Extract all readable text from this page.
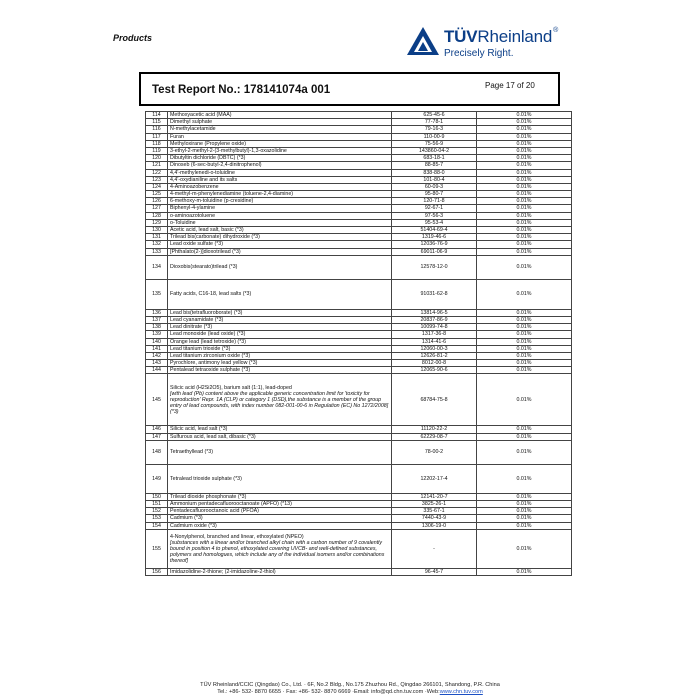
Products	TÜVRheinland®
Precisely Right.
Test Report No.: 178141074a 001	Page 17 of 20
114	Methoxyacetic acid (MAA)	625-45-6	0.01%
115	Dimethyl sulphate	77-78-1	0.01%
116	N-methylacetamide	79-16-3	0.01%
117	Furan	110-00-9	0.01%
118	Methyloxirane (Propylene oxide)	75-56-9	0.01%
119	3-ethyl-2-methyl-2-(3-methylbutyl)-1,3-oxazolidine	143860-04-2	0.01%
120	Dibutyltin dichloride (DBTC) (*3)	683-18-1	0.01%
121	Dinoseb (6-sec-butyl-2,4-dinitrophenol)	88-85-7	0.01%
122	4,4'-methylenedi-o-toluidine	838-88-0	0.01%
123	4,4'-oxydianiline and its salts	101-80-4	0.01%
124	4-Aminoazobenzene	60-09-3	0.01%
125	4-methyl-m-phenylenediamine (toluene-2,4-diamine)	95-80-7	0.01%
126	6-methoxy-m-toluidine (p-cresidine)	120-71-8	0.01%
127	Biphenyl-4-ylamine	92-67-1	0.01%
128	o-aminoazotoluene	97-56-3	0.01%
129	o-Toluidine	95-53-4	0.01%
130	Acetic acid, lead salt, basic (*3)	51404-69-4	0.01%
131	Trilead bis(carbonate) dihydroxide (*3)	1319-46-6	0.01%
132	Lead oxide sulfate (*3)	12036-76-9	0.01%
133	[Phthalato(2-)]dioxotrilead (*3)	69011-06-9	0.01%
134	Dioxobis(stearato)trilead (*3)	12578-12-0	0.01%
135	Fatty acids, C16-18, lead salts (*3)	91031-62-8	0.01%
136	Lead bis(tetrafluoroborate) (*3)	13814-96-5	0.01%
137	Lead cyanamidate (*3)	20837-86-9	0.01%
138	Lead dinitrate (*3)	10099-74-8	0.01%
139	Lead monoxide (lead oxide) (*3)	1317-36-8	0.01%
140	Orange lead (lead tetroxide) (*3)	1314-41-6	0.01%
141	Lead titanium trioxide (*3)	12060-00-3	0.01%
142	Lead titanium zirconium oxide (*3)	12626-81-2	0.01%
143	Pyrochlore, antimony lead yellow (*3)	8012-00-8	0.01%
144	Pentalead tetraoxide sulphate (*3)	12065-90-6	0.01%
145	Silicic acid (H2Si2O5), barium salt (1:1), lead-doped
[with lead (Pb) content above the applicable generic concentration limit for 'toxicity for reproduction' Repr. 1A (CLP) or category 1 (DSD),the substance is a member of the group entry of lead compounds, with index number 082-001-00-6 in Regulation (EC) No 1272/2008] (*3)	68784-75-8	0.01%
146	Silicic acid, lead salt (*3)	11120-22-2	0.01%
147	Sulfurous acid, lead salt, dibasic (*3)	62229-08-7	0.01%
148	Tetraethyllead (*3)	78-00-2	0.01%
149	Tetralead trioxide sulphate (*3)	12202-17-4	0.01%
150	Trilead dioxide phosphonate (*3)	12141-20-7	0.01%
151	Ammonium pentadecafluorooctanoate (APFO) (*13)	3825-26-1	0.01%
152	Pentadecafluorooctanoic acid (PFOA)	335-67-1	0.01%
153	Cadmium (*3)	7440-43-9	0.01%
154	Cadmium oxide (*3)	1306-19-0	0.01%
155	4-Nonylphenol, branched and linear, ethoxylated (NPEO)
[substances with a linear and/or branched alkyl chain with a carbon number of 9 covalently bound in position 4 to phenol, ethoxylated covering UVCB- and well-defined substances, polymers and homologues, which include any of the individual isomers and/or combinations thereof]	-	0.01%
156	Imidazolidine-2-thione; (2-imidazoline-2-thiol)	96-45-7	0.01%
TÜV Rheinland/CCIC (Qingdao) Co., Ltd. · 6F, No.2 Bldg., No.175 Zhuzhou Rd., Qingdao 266101, Shandong, P.R. China
Tel.: +86- 532- 8870 6655 · Fax: +86- 532- 8870 6669 ·Email: info@qd.chn.tuv.com ·Web:www.chn.tuv.com
